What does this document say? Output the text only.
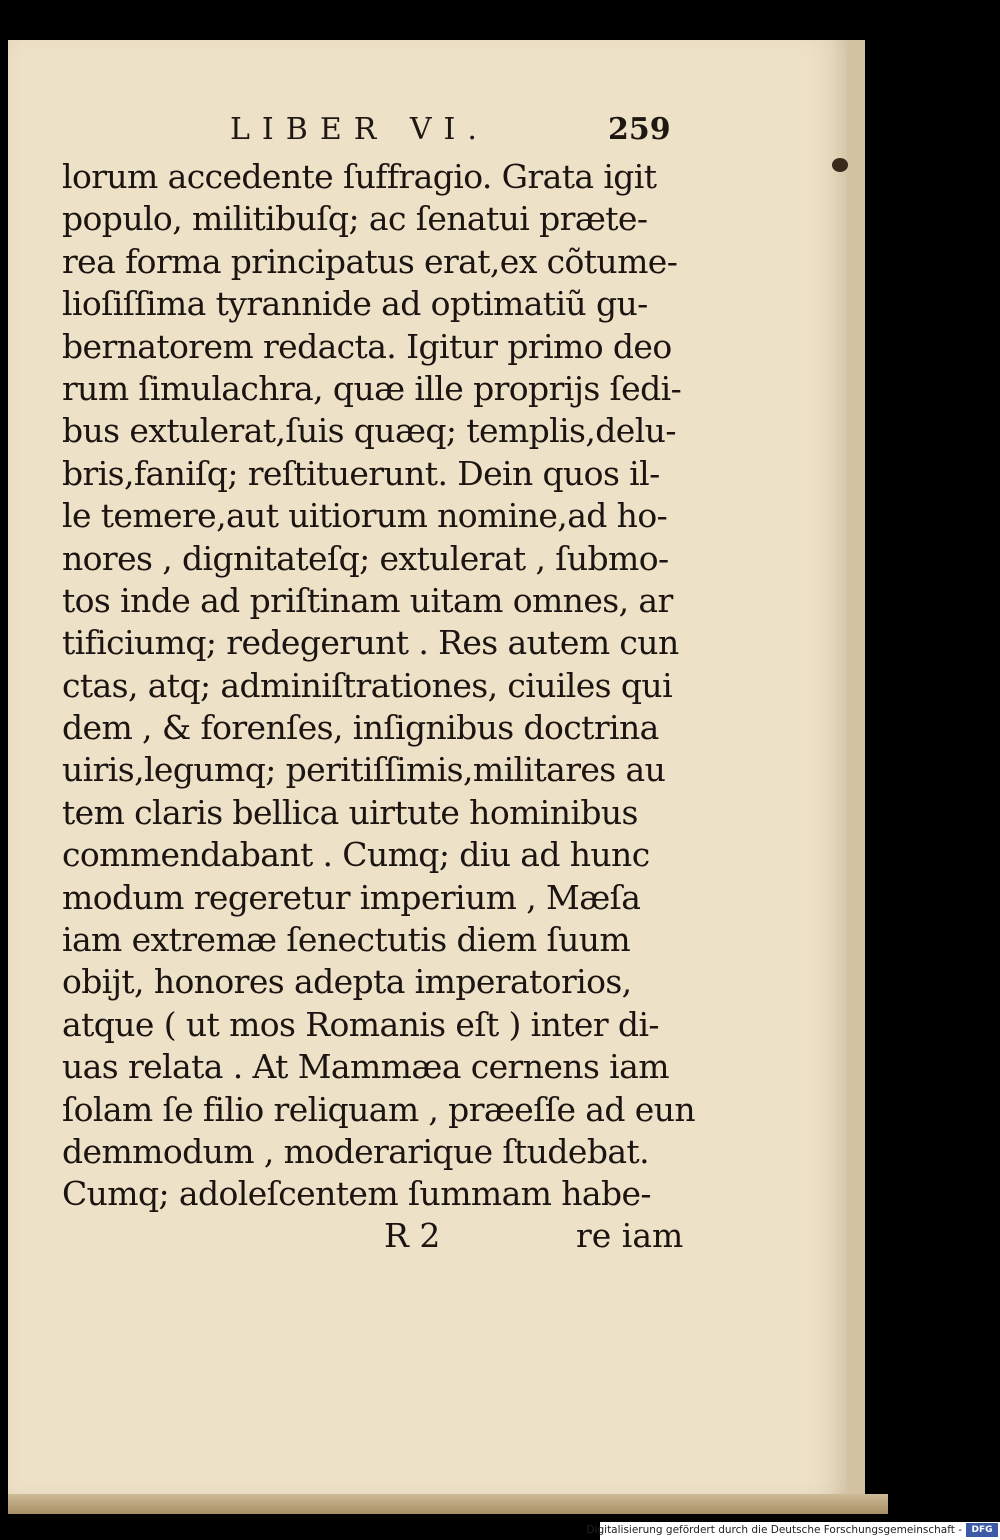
LIBER VI.	259
lorum accedente ſuffragio. Grata igit
populo, militibuſq; ac ſenatui præte-
rea forma principatus erat,ex cõtume-
lioſiſſima tyrannide ad optimatiũ gu-
bernatorem redacta. Igitur primo deo
rum ſimulachra, quæ ille proprijs ſedi-
bus extulerat,ſuis quæq; templis,delu-
bris,faniſq; reſtituerunt. Dein quos il-
le temere,aut uitiorum nomine,ad ho-
nores , dignitateſq; extulerat , ſubmo-
tos inde ad priſtinam uitam omnes, ar
tificiumq; redegerunt . Res autem cun
ctas, atq; adminiſtrationes, ciuiles qui
dem , & forenſes, inſignibus doctrina
uiris,legumq; peritiſſimis,militares au
tem claris bellica uirtute hominibus
commendabant . Cumq; diu ad hunc
modum regeretur imperium , Mæſa
iam extremæ ſenectutis diem ſuum
obijt, honores adepta imperatorios,
atque ( ut mos Romanis eſt ) inter di-
uas relata . At Mammæa cernens iam
ſolam ſe filio reliquam , præeſſe ad eun
demmodum , moderarique ſtudebat.
Cumq; adoleſcentem ſummam habe-
R 2	re iam
Digitalisierung gefördert durch die Deutsche Forschungsgemeinschaft -	DFG
